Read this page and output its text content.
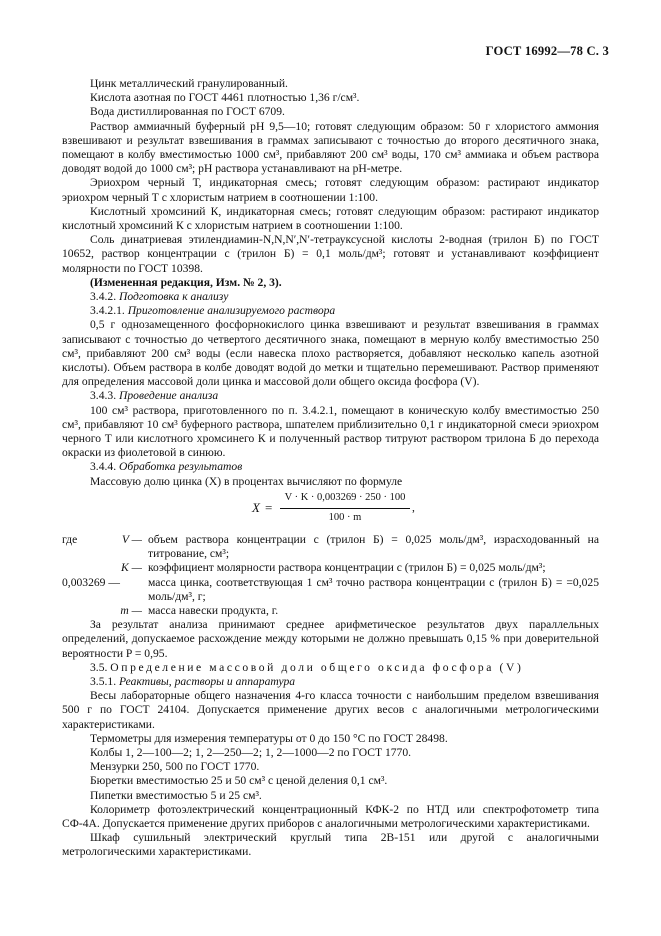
ГОСТ 16992—78 С. 3

Цинк металлический гранулированный.

Кислота азотная по ГОСТ 4461 плотностью 1,36 г/см³.

Вода дистиллированная по ГОСТ 6709.

Раствор аммиачный буферный рН 9,5—10; готовят следующим образом: 50 г хлористого аммония взвешивают и результат взвешивания в граммах записывают с точностью до второго десятичного знака, помещают в колбу вместимостью 1000 см³, прибавляют 200 см³ воды, 170 см³ аммиака и объем раствора доводят водой до 1000 см³; рН раствора устанавливают на рН-метре.

Эриохром черный Т, индикаторная смесь; готовят следующим образом: растирают индикатор эриохром черный Т с хлористым натрием в соотношении 1:100.

Кислотный хромсиний К, индикаторная смесь; готовят следующим образом: растирают индикатор кислотный хромсиний К с хлористым натрием в соотношении 1:100.

Соль динатриевая этилендиамин-N,N,N′,N′-тетрауксусной кислоты 2-водная (трилон Б) по ГОСТ 10652, раствор концентрации c (трилон Б) = 0,1 моль/дм³; готовят и устанавливают коэффициент молярности по ГОСТ 10398.

(Измененная редакция, Изм. № 2, 3).

3.4.2. Подготовка к анализу

3.4.2.1. Приготовление анализируемого раствора

0,5 г однозамещенного фосфорнокислого цинка взвешивают и результат взвешивания в граммах записывают с точностью до четвертого десятичного знака, помещают в мерную колбу вместимостью 250 см³, прибавляют 200 см³ воды (если навеска плохо растворяется, добавляют несколько капель азотной кислоты). Объем раствора в колбе доводят водой до метки и тщательно перемешивают. Раствор применяют для определения массовой доли цинка и массовой доли общего оксида фосфора (V).

3.4.3. Проведение анализа

100 см³ раствора, приготовленного по п. 3.4.2.1, помещают в коническую колбу вместимостью 250 см³, прибавляют 10 см³ буферного раствора, шпателем приблизительно 0,1 г индикаторной смеси эриохром черного Т или кислотного хромсинего К и полученный раствор титруют раствором трилона Б до перехода окраски из фиолетовой в синюю.

3.4.4. Обработка результатов

Массовую долю цинка (X) в процентах вычисляют по формуле

X =
V · K · 0,003269 · 250 · 100
100 · m
,
где	V — объем раствора концентрации c (трилон Б) = 0,025 моль/дм³, израсходованный на титрование, см³;
K — коэффициент молярности раствора концентрации c (трилон Б) = 0,025 моль/дм³;
0,003269 —	масса цинка, соответствующая 1 см³ точно раствора концентрации c (трилон Б) = =0,025 моль/дм³, г;
m — масса навески продукта, г.

За результат анализа принимают среднее арифметическое результатов двух параллельных определений, допускаемое расхождение между которыми не должно превышать 0,15 % при доверительной вероятности P = 0,95.

3.5. Определение массовой доли общего оксида фосфора (V)

3.5.1. Реактивы, растворы и аппаратура

Весы лабораторные общего назначения 4-го класса точности с наибольшим пределом взвешивания 500 г по ГОСТ 24104. Допускается применение других весов с аналогичными метрологическими характеристиками.

Термометры для измерения температуры от 0 до 150 °С по ГОСТ 28498.

Колбы 1, 2—100—2; 1, 2—250—2; 1, 2—1000—2 по ГОСТ 1770.

Мензурки 250, 500 по ГОСТ 1770.

Бюретки вместимостью 25 и 50 см³ с ценой деления 0,1 см³.

Пипетки вместимостью 5 и 25 см³.

Колориметр фотоэлектрический концентрационный КФК-2 по НТД или спектрофотометр типа СФ-4А. Допускается применение других приборов с аналогичными метрологическими характеристиками.

Шкаф сушильный электрический круглый типа 2В-151 или другой с аналогичными метрологическими характеристиками.
